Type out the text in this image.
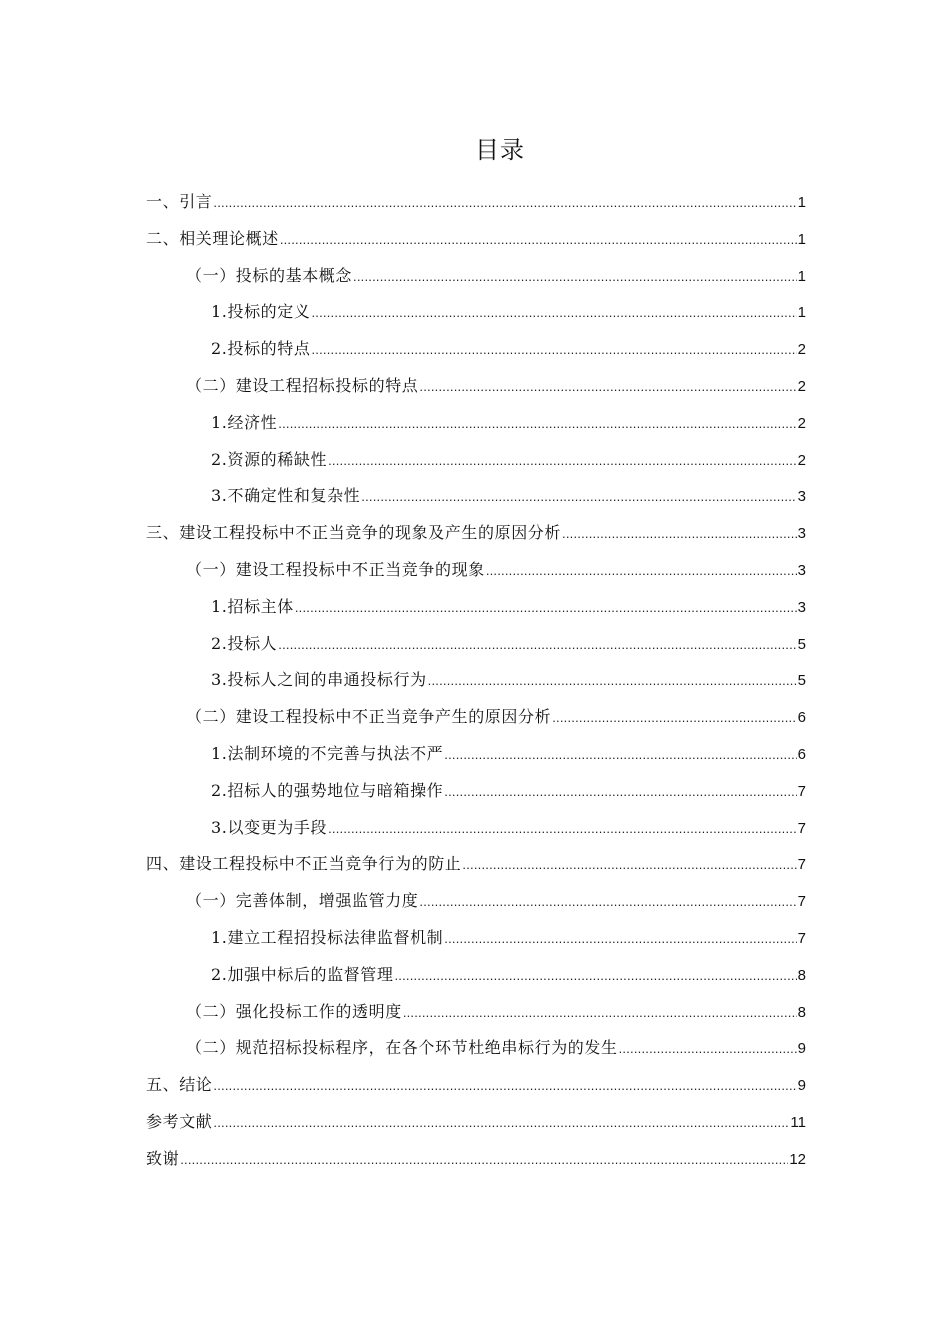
目录
一、引言 .....	1
二、相关理论概述 .....	1
（一）投标的基本概念 .....	1
1.投标的定义 .....	1
2.投标的特点 .....	2
（二）建设工程招标投标的特点 .....	2
1.经济性 .....	2
2.资源的稀缺性 .....	2
3.不确定性和复杂性 .....	3
三、建设工程投标中不正当竞争的现象及产生的原因分析 .....	3
（一）建设工程投标中不正当竞争的现象 .....	3
1.招标主体 .....	3
2.投标人 .....	5
3.投标人之间的串通投标行为 .....	5
（二）建设工程投标中不正当竞争产生的原因分析 .....	6
1.法制环境的不完善与执法不严 .....	6
2.招标人的强势地位与暗箱操作 .....	7
3.以变更为手段 .....	7
四、建设工程投标中不正当竞争行为的防止 .....	7
（一）完善体制，增强监管力度 .....	7
1.建立工程招投标法律监督机制 .....	7
2.加强中标后的监督管理 .....	8
（二）强化投标工作的透明度 .....	8
（二）规范招标投标程序，在各个环节杜绝串标行为的发生 .....	9
五、结论 .....	9
参考文献 .....	11
致谢 .....	12
